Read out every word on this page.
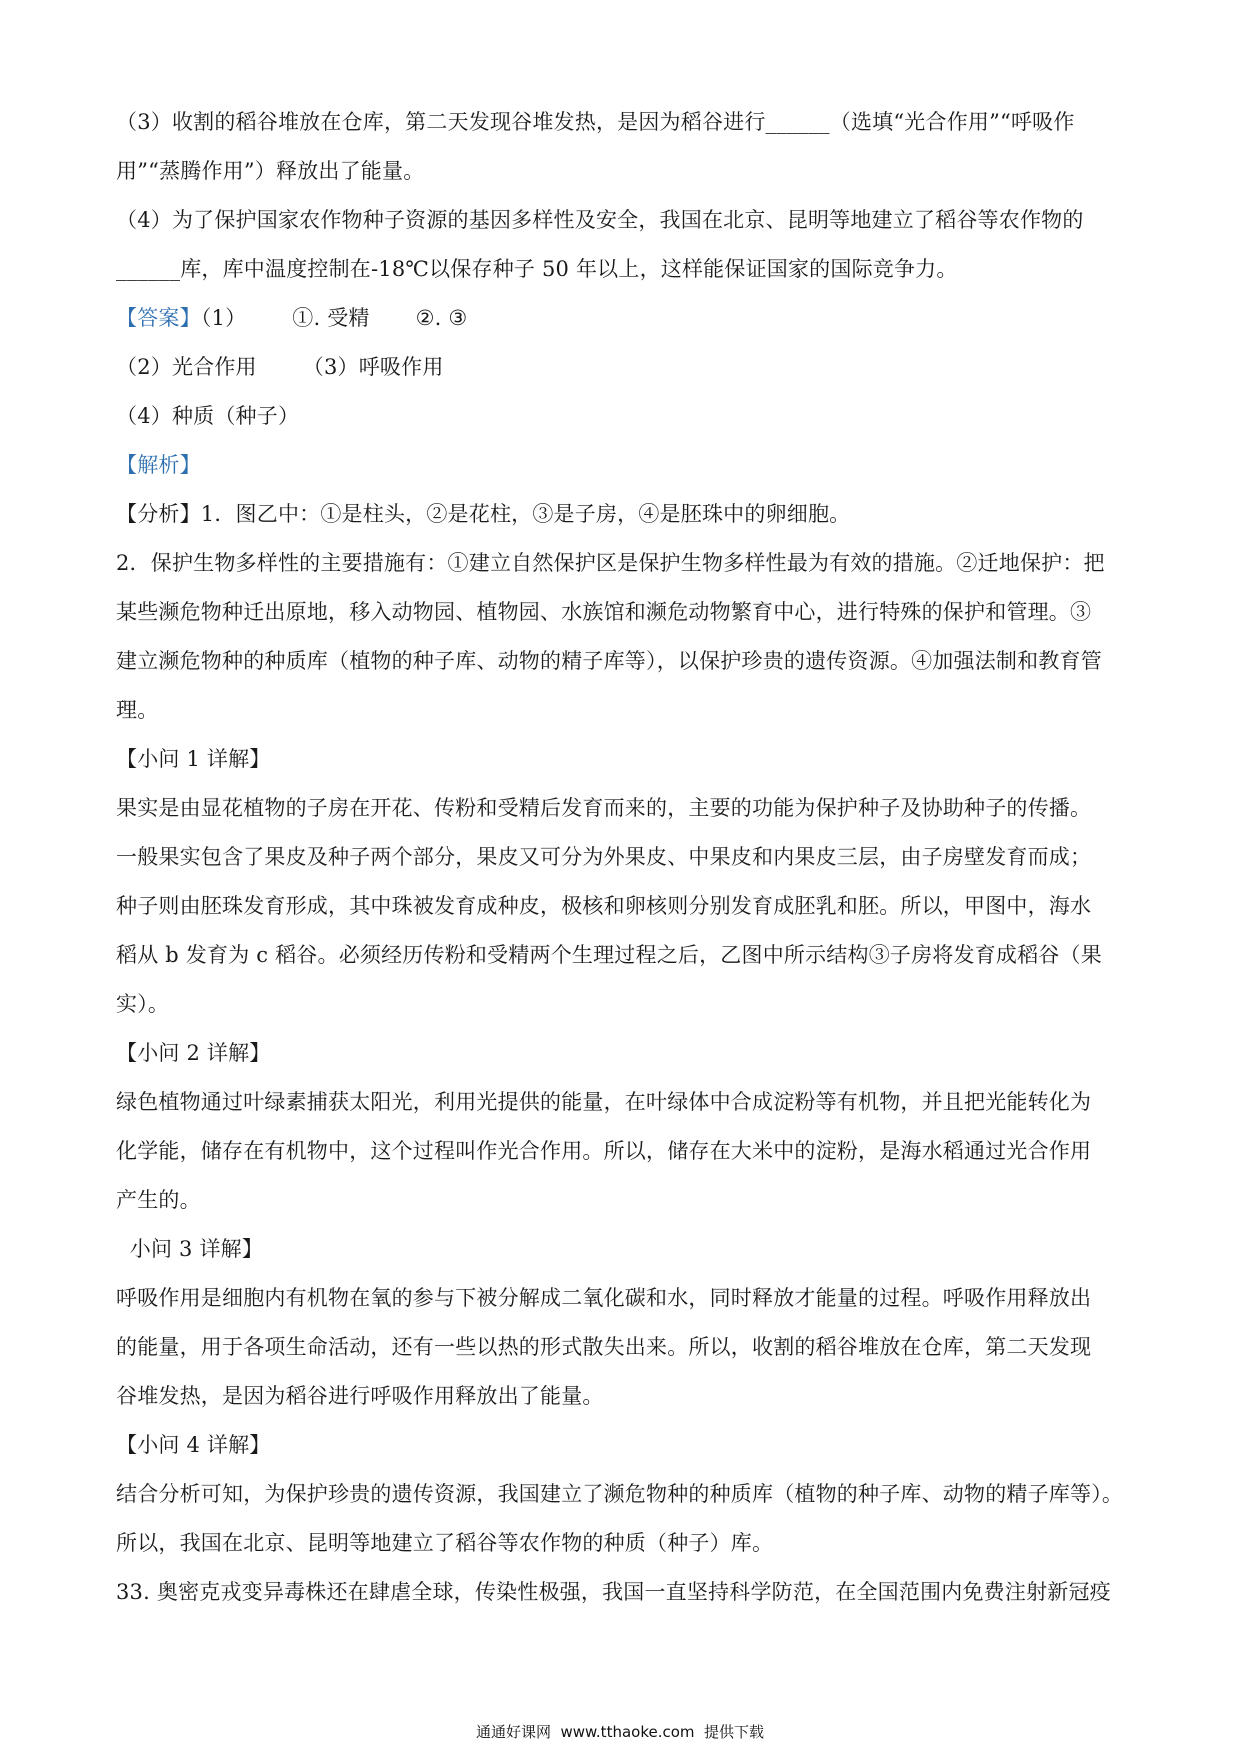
（3）收割的稻谷堆放在仓库，第二天发现谷堆发热，是因为稻谷进行______（选填“光合作用”“呼吸作
用”“蒸腾作用”）释放出了能量。
（4）为了保护国家农作物种子资源的基因多样性及安全，我国在北京、昆明等地建立了稻谷等农作物的
______库，库中温度控制在-18℃以保存种子 50 年以上，这样能保证国家的国际竞争力。
【答案】（1） ①. 受精 ②. ③
（2）光合作用 （3）呼吸作用
（4）种质（种子）
【解析】
【分析】1．图乙中：①是柱头，②是花柱，③是子房，④是胚珠中的卵细胞。
2．保护生物多样性的主要措施有：①建立自然保护区是保护生物多样性最为有效的措施。②迁地保护：把
某些濒危物种迁出原地，移入动物园、植物园、水族馆和濒危动物繁育中心，进行特殊的保护和管理。③
建立濒危物种的种质库（植物的种子库、动物的精子库等），以保护珍贵的遗传资源。④加强法制和教育管
理。
【小问 1 详解】
果实是由显花植物的子房在开花、传粉和受精后发育而来的，主要的功能为保护种子及协助种子的传播。
一般果实包含了果皮及种子两个部分，果皮又可分为外果皮、中果皮和内果皮三层，由子房壁发育而成；
种子则由胚珠发育形成，其中珠被发育成种皮，极核和卵核则分别发育成胚乳和胚。所以，甲图中，海水
稻从 b 发育为 c 稻谷。必须经历传粉和受精两个生理过程之后，乙图中所示结构③子房将发育成稻谷（果
实）。
【小问 2 详解】
绿色植物通过叶绿素捕获太阳光，利用光提供的能量，在叶绿体中合成淀粉等有机物，并且把光能转化为
化学能，储存在有机物中，这个过程叫作光合作用。所以，储存在大米中的淀粉，是海水稻通过光合作用
产生的。
小问 3 详解】
呼吸作用是细胞内有机物在氧的参与下被分解成二氧化碳和水，同时释放才能量的过程。呼吸作用释放出
的能量，用于各项生命活动，还有一些以热的形式散失出来。所以，收割的稻谷堆放在仓库，第二天发现
谷堆发热，是因为稻谷进行呼吸作用释放出了能量。
【小问 4 详解】
结合分析可知，为保护珍贵的遗传资源，我国建立了濒危物种的种质库（植物的种子库、动物的精子库等）。
所以，我国在北京、昆明等地建立了稻谷等农作物的种质（种子）库。
33. 奥密克戎变异毒株还在肆虐全球，传染性极强，我国一直坚持科学防范，在全国范围内免费注射新冠疫
通通好课网  www.tthaoke.com  提供下载
